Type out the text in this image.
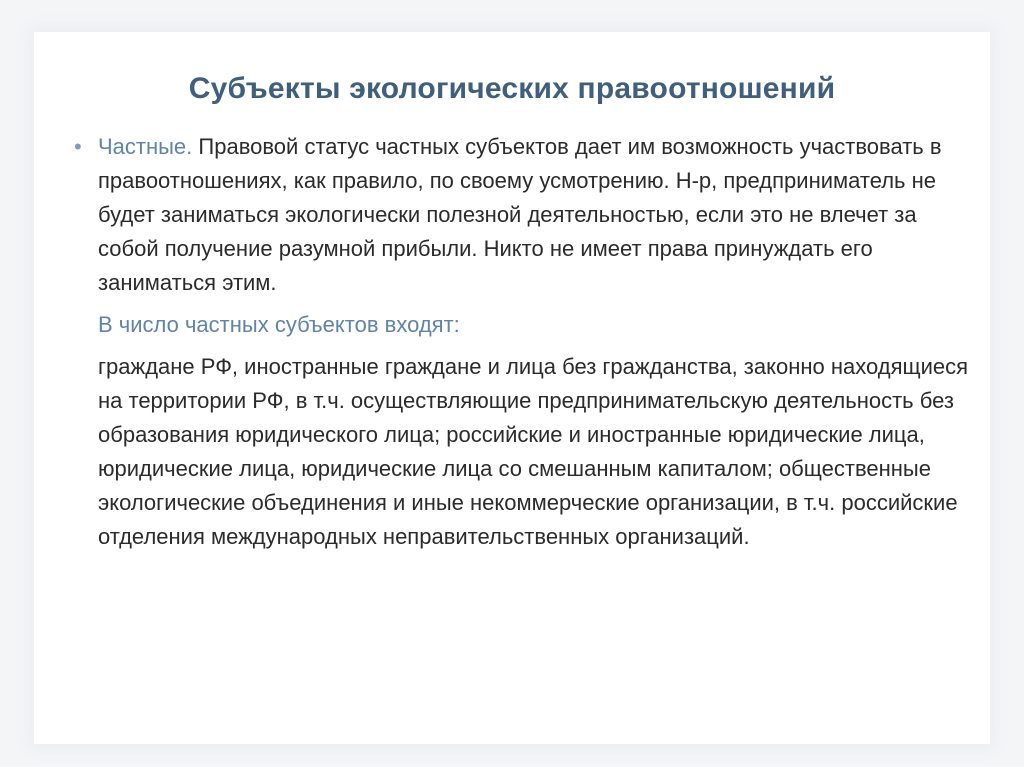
Субъекты экологических правоотношений

• Частные. Правовой статус частных субъектов дает им возможность участвовать в правоотношениях, как правило, по своему усмотрению. Н-р, предприниматель не будет заниматься экологически полезной деятельностью, если это не влечет за собой получение разумной прибыли. Никто не имеет права принуждать его заниматься этим.

В число частных субъектов входят:

граждане РФ, иностранные граждане и лица без гражданства, законно находящиеся на территории РФ, в т.ч. осуществляющие предпринимательскую деятельность без образования юридического лица; российские и иностранные юридические лица, юридические лица, юридические лица со смешанным капиталом; общественные экологические объединения и иные некоммерческие организации, в т.ч. российские отделения международных неправительственных организаций.
